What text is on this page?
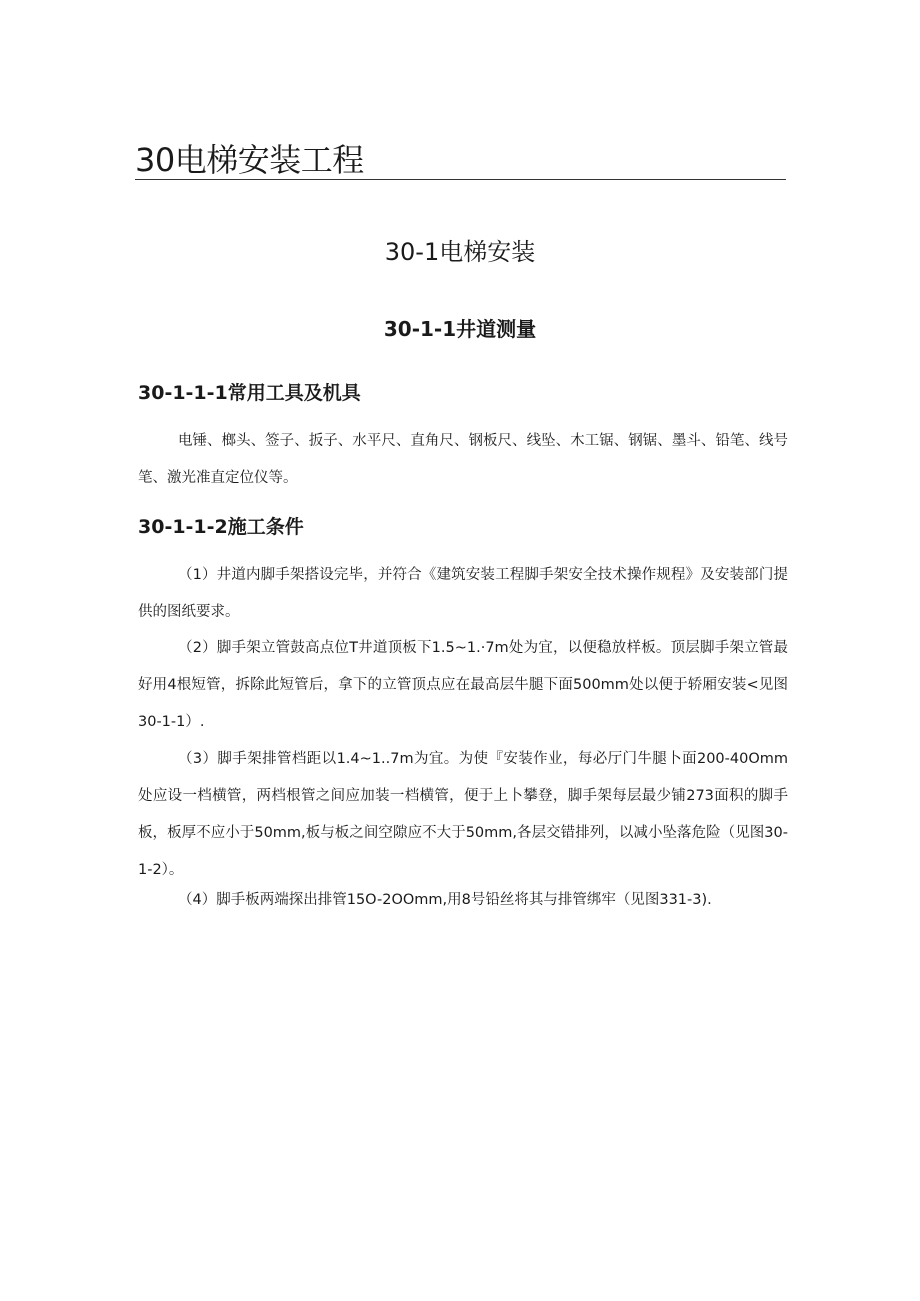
30电梯安装工程
30-1电梯安装
30-1-1井道测量
30-1-1-1常用工具及机具

电锤、榔头、签子、扳子、水平尺、直角尺、钢板尺、线坠、木工锯、钢锯、墨斗、铅笔、线号笔、激光准直定位仪等。

30-1-1-2施工条件

（1）井道内脚手架搭设完毕，并符合《建筑安装工程脚手架安全技术操作规程》及安装部门提供的图纸要求。

（2）脚手架立管鼓高点位T井道顶板下1.5~1.·7m处为宜，以便稳放样板。顶层脚手架立管最好用4根短管，拆除此短管后，拿下的立管顶点应在最高层牛腿下面500mm处以便于轿厢安装<见图30-1-1）.

（3）脚手架排管档距以1.4~1..7m为宜。为使『安装作业，每必厅门牛腿卜面200-40Omm处应设一档横管，两档根管之间应加装一档横管，便于上卜攀登，脚手架每层最少铺273面积的脚手板，板厚不应小于50mm,板与板之间空隙应不大于50mm,各层交错排列，以减小坠落危险（见图30-1-2）。

（4）脚手板两端探出排管15O-2OOmm,用8号铅丝将其与排管绑牢（见图331-3).
